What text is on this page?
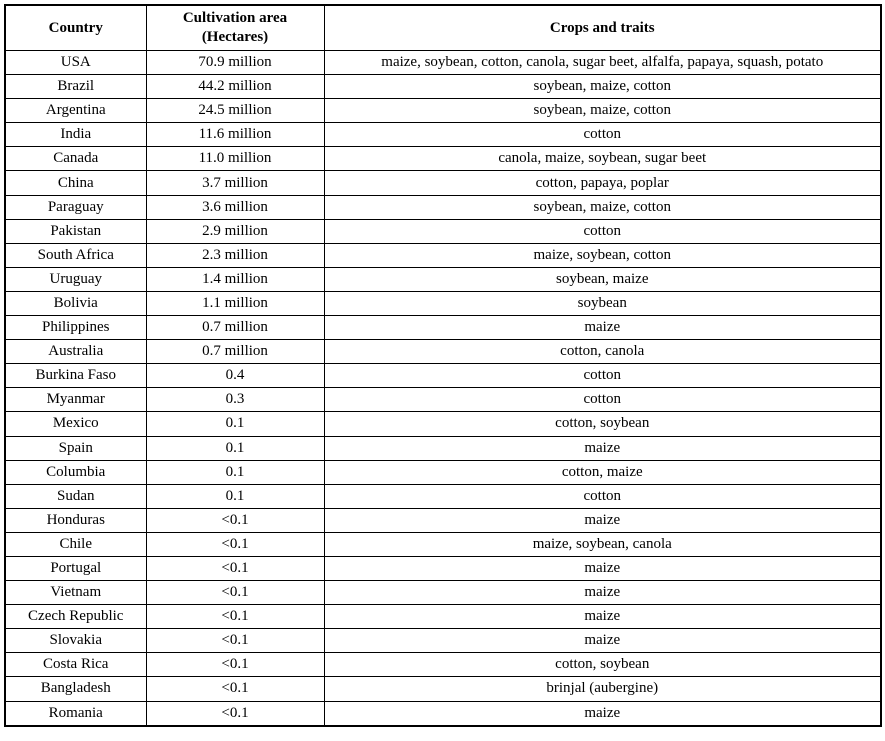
Country	Cultivation area (Hectares)	Crops and traits
USA	70.9 million	maize, soybean, cotton, canola, sugar beet, alfalfa, papaya, squash, potato
Brazil	44.2 million	soybean, maize, cotton
Argentina	24.5 million	soybean, maize, cotton
India	11.6 million	cotton
Canada	11.0 million	canola, maize, soybean, sugar beet
China	3.7 million	cotton, papaya, poplar
Paraguay	3.6 million	soybean, maize, cotton
Pakistan	2.9 million	cotton
South Africa	2.3 million	maize, soybean, cotton
Uruguay	1.4 million	soybean, maize
Bolivia	1.1 million	soybean
Philippines	0.7 million	maize
Australia	0.7 million	cotton, canola
Burkina Faso	0.4	cotton
Myanmar	0.3	cotton
Mexico	0.1	cotton, soybean
Spain	0.1	maize
Columbia	0.1	cotton, maize
Sudan	0.1	cotton
Honduras	<0.1	maize
Chile	<0.1	maize, soybean, canola
Portugal	<0.1	maize
Vietnam	<0.1	maize
Czech Republic	<0.1	maize
Slovakia	<0.1	maize
Costa Rica	<0.1	cotton, soybean
Bangladesh	<0.1	brinjal (aubergine)
Romania	<0.1	maize
